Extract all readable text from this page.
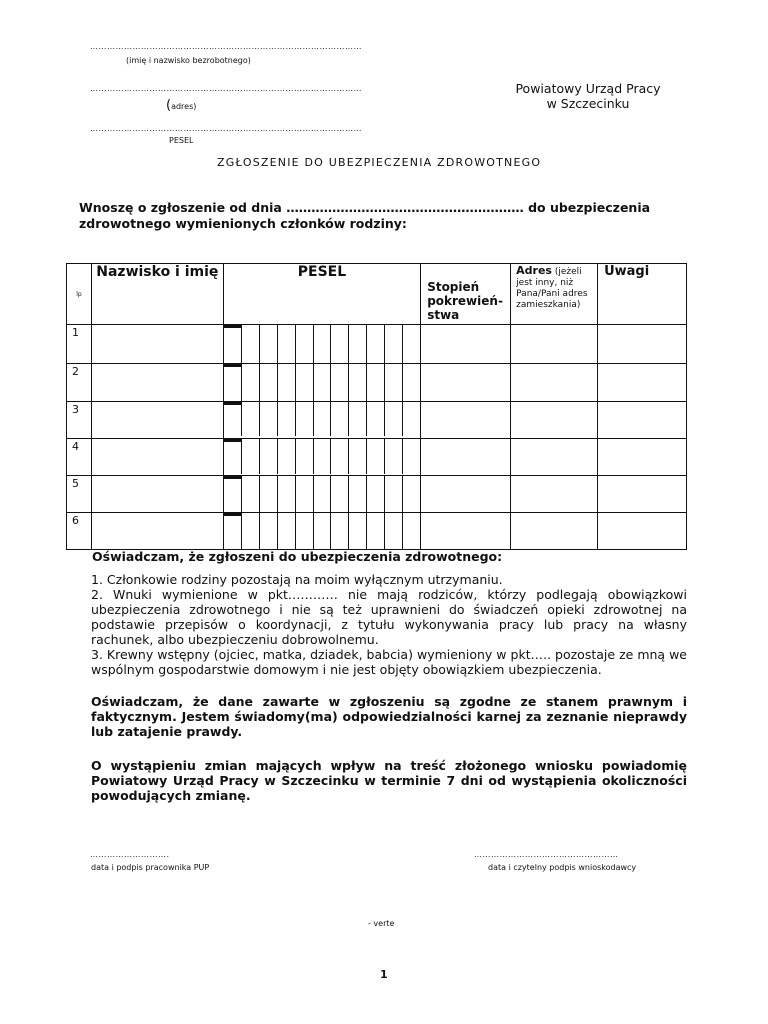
……………………………………………………………………………………
(imię i nazwisko bezrobotnego)
……………………………………………………………………………………
(adres)
……………………………………………………………………………………
PESEL
Powiatowy Urząd Pracy
w Szczecinku
ZGŁOSZENIE DO UBEZPIECZENIA ZDROWOTNEGO
Wnoszę o zgłoszenie od dnia ………………………………………………… do ubezpieczenia
zdrowotnego wymienionych członków rodziny:
lp	Nazwisko i imię	PESEL	Stopień pokrewień-stwa	Adres (jeżeli jest inny, niż Pana/Pani adres zamieszkania)	Uwagi
1		

2		

3		

4		

5		

6		

Oświadczam, że zgłoszeni do ubezpieczenia zdrowotnego:
1. Członkowie rodziny pozostają na moim wyłącznym utrzymaniu.
2. Wnuki wymienione w pkt………… nie mają rodziców, którzy podlegają obowiązkowi ubezpieczenia zdrowotnego i nie są też uprawnieni do świadczeń opieki zdrowotnej na podstawie przepisów o koordynacji, z tytułu wykonywania pracy lub pracy na własny rachunek, albo ubezpieczeniu dobrowolnemu.
3. Krewny wstępny (ojciec, matka, dziadek, babcia) wymieniony w pkt.…. pozostaje ze mną we wspólnym gospodarstwie domowym i nie jest objęty obowiązkiem ubezpieczenia.
Oświadczam, że dane zawarte w zgłoszeniu są zgodne ze stanem prawnym i faktycznym. Jestem świadomy(ma) odpowiedzialności karnej za zeznanie nieprawdy lub zatajenie prawdy.
O wystąpieniu zmian mających wpływ na treść złożonego wniosku powiadomię Powiatowy Urząd Pracy w Szczecinku w terminie 7 dni od wystąpienia okoliczności powodujących zmianę.
……………………….
data i podpis pracownika PUP
……………………………………………
data i czytelny podpis wnioskodawcy
- verte
1
